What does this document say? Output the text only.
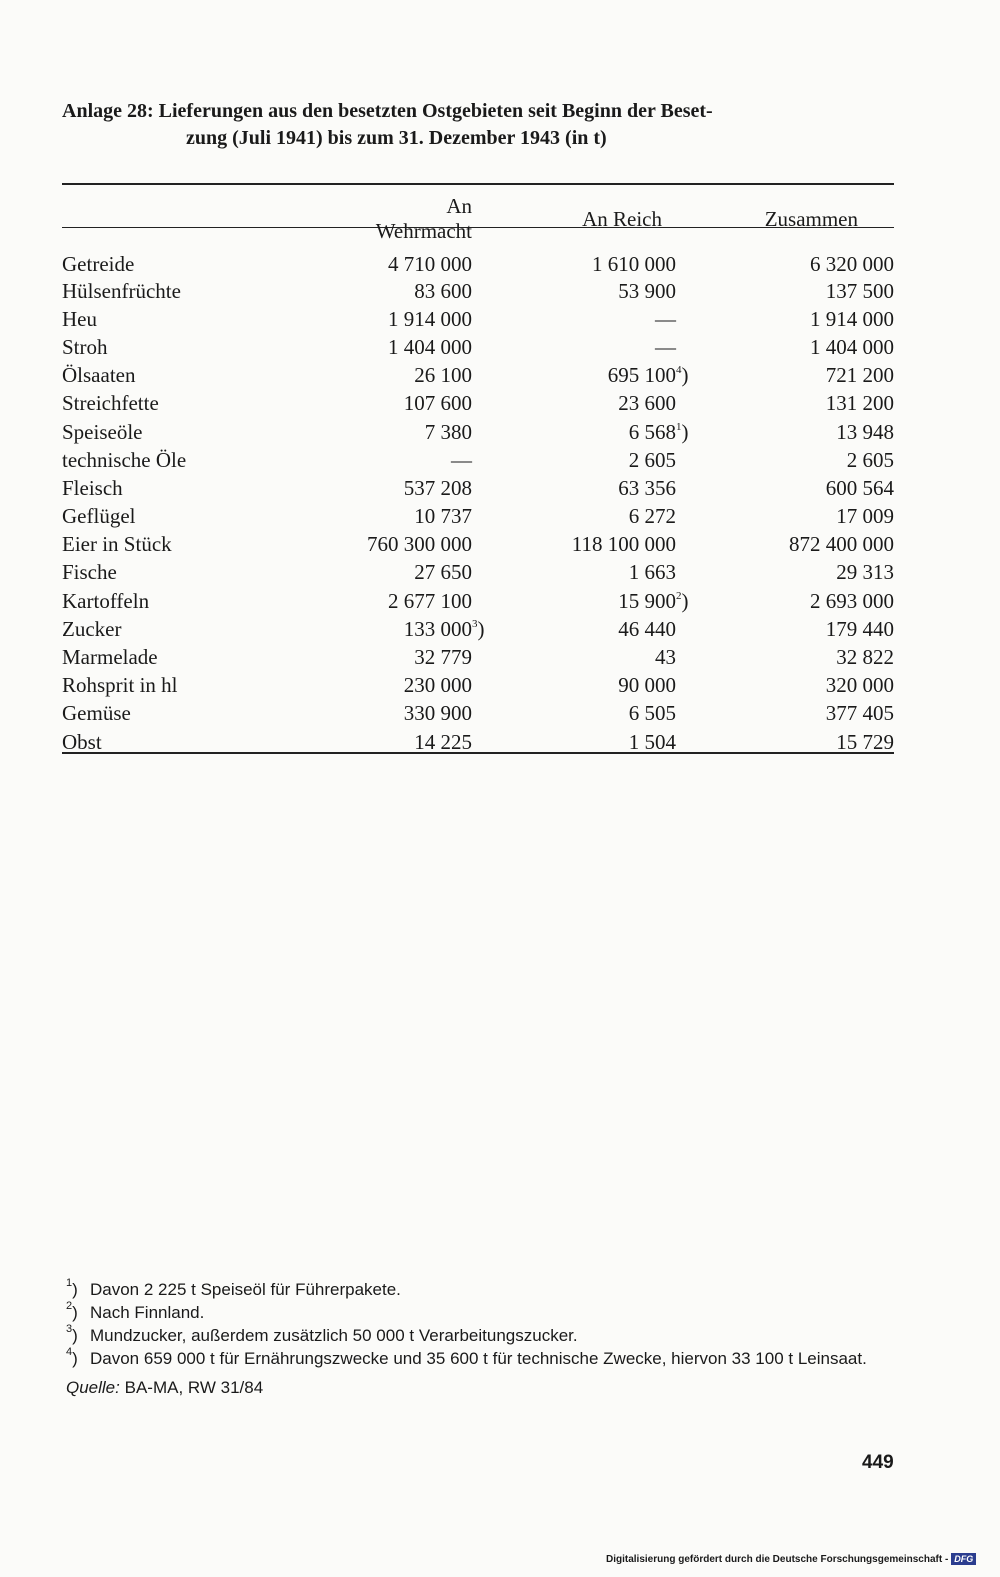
Anlage 28: Lieferungen aus den besetzten Ostgebieten seit Beginn der Beset-
zung (Juli 1941) bis zum 31. Dezember 1943 (in t)
	An Wehrmacht	An Reich	Zusammen
Getreide	4 710 000	1 610 000	6 320 000
Hülsenfrüchte	83 600	53 900	137 500
Heu	1 914 000	—	1 914 000
Stroh	1 404 000	—	1 404 000
Ölsaaten	26 100	695 $100^4$)	721 200
Streichfette	107 600	23 600	131 200
Speiseöle	7 380	6 $568^1$)	13 948
technische Öle	—	2 605	2 605
Fleisch	537 208	63 356	600 564
Geflügel	10 737	6 272	17 009
Eier in Stück	760 300 000	118 100 000	872 400 000
Fische	27 650	1 663	29 313
Kartoffeln	2 677 100	15 $900^2$)	2 693 000
Zucker	133 $000^3$)	46 440	179 440
Marmelade	32 779	43	32 822
Rohsprit in hl	230 000	90 000	320 000
Gemüse	330 900	6 505	377 405
Obst	14 225	1 504	15 729
$^1$) Davon 2 225 t Speiseöl für Führerpakete.
$^2$) Nach Finnland.
$^3$) Mundzucker, außerdem zusätzlich 50 000 t Verarbeitungszucker.
$^4$) Davon 659 000 t für Ernährungszwecke und 35 600 t für technische Zwecke, hiervon 33 100 t Leinsaat.
Quelle: BA-MA, RW 31/84
449
Digitalisierung gefördert durch die Deutsche Forschungsgemeinschaft - DFG
